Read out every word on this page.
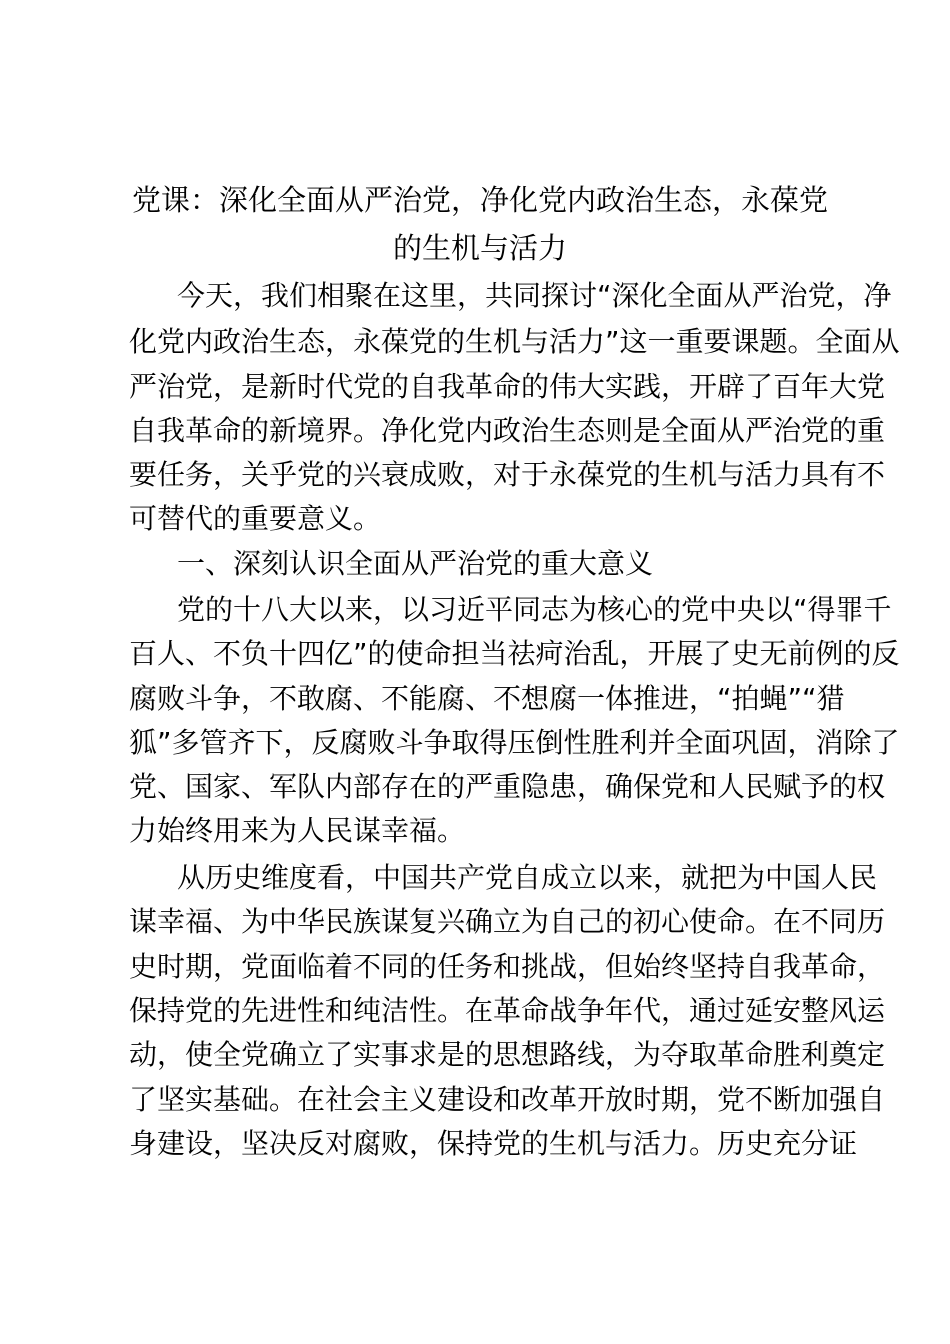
党课：深化全面从严治党，净化党内政治生态，永葆党
的生机与活力

今天，我们相聚在这里，共同探讨“深化全面从严治党，净

化党内政治生态，永葆党的生机与活力”这一重要课题。全面从

严治党，是新时代党的自我革命的伟大实践，开辟了百年大党

自我革命的新境界。净化党内政治生态则是全面从严治党的重

要任务，关乎党的兴衰成败，对于永葆党的生机与活力具有不

可替代的重要意义。

一、深刻认识全面从严治党的重大意义

党的十八大以来，以习近平同志为核心的党中央以“得罪千

百人、不负十四亿”的使命担当祛疴治乱，开展了史无前例的反

腐败斗争，不敢腐、不能腐、不想腐一体推进，“拍蝇”“猎

狐”多管齐下，反腐败斗争取得压倒性胜利并全面巩固，消除了

党、国家、军队内部存在的严重隐患，确保党和人民赋予的权

力始终用来为人民谋幸福。

从历史维度看，中国共产党自成立以来，就把为中国人民

谋幸福、为中华民族谋复兴确立为自己的初心使命。在不同历

史时期，党面临着不同的任务和挑战，但始终坚持自我革命，

保持党的先进性和纯洁性。在革命战争年代，通过延安整风运

动，使全党确立了实事求是的思想路线，为夺取革命胜利奠定

了坚实基础。在社会主义建设和改革开放时期，党不断加强自

身建设，坚决反对腐败，保持党的生机与活力。历史充分证
